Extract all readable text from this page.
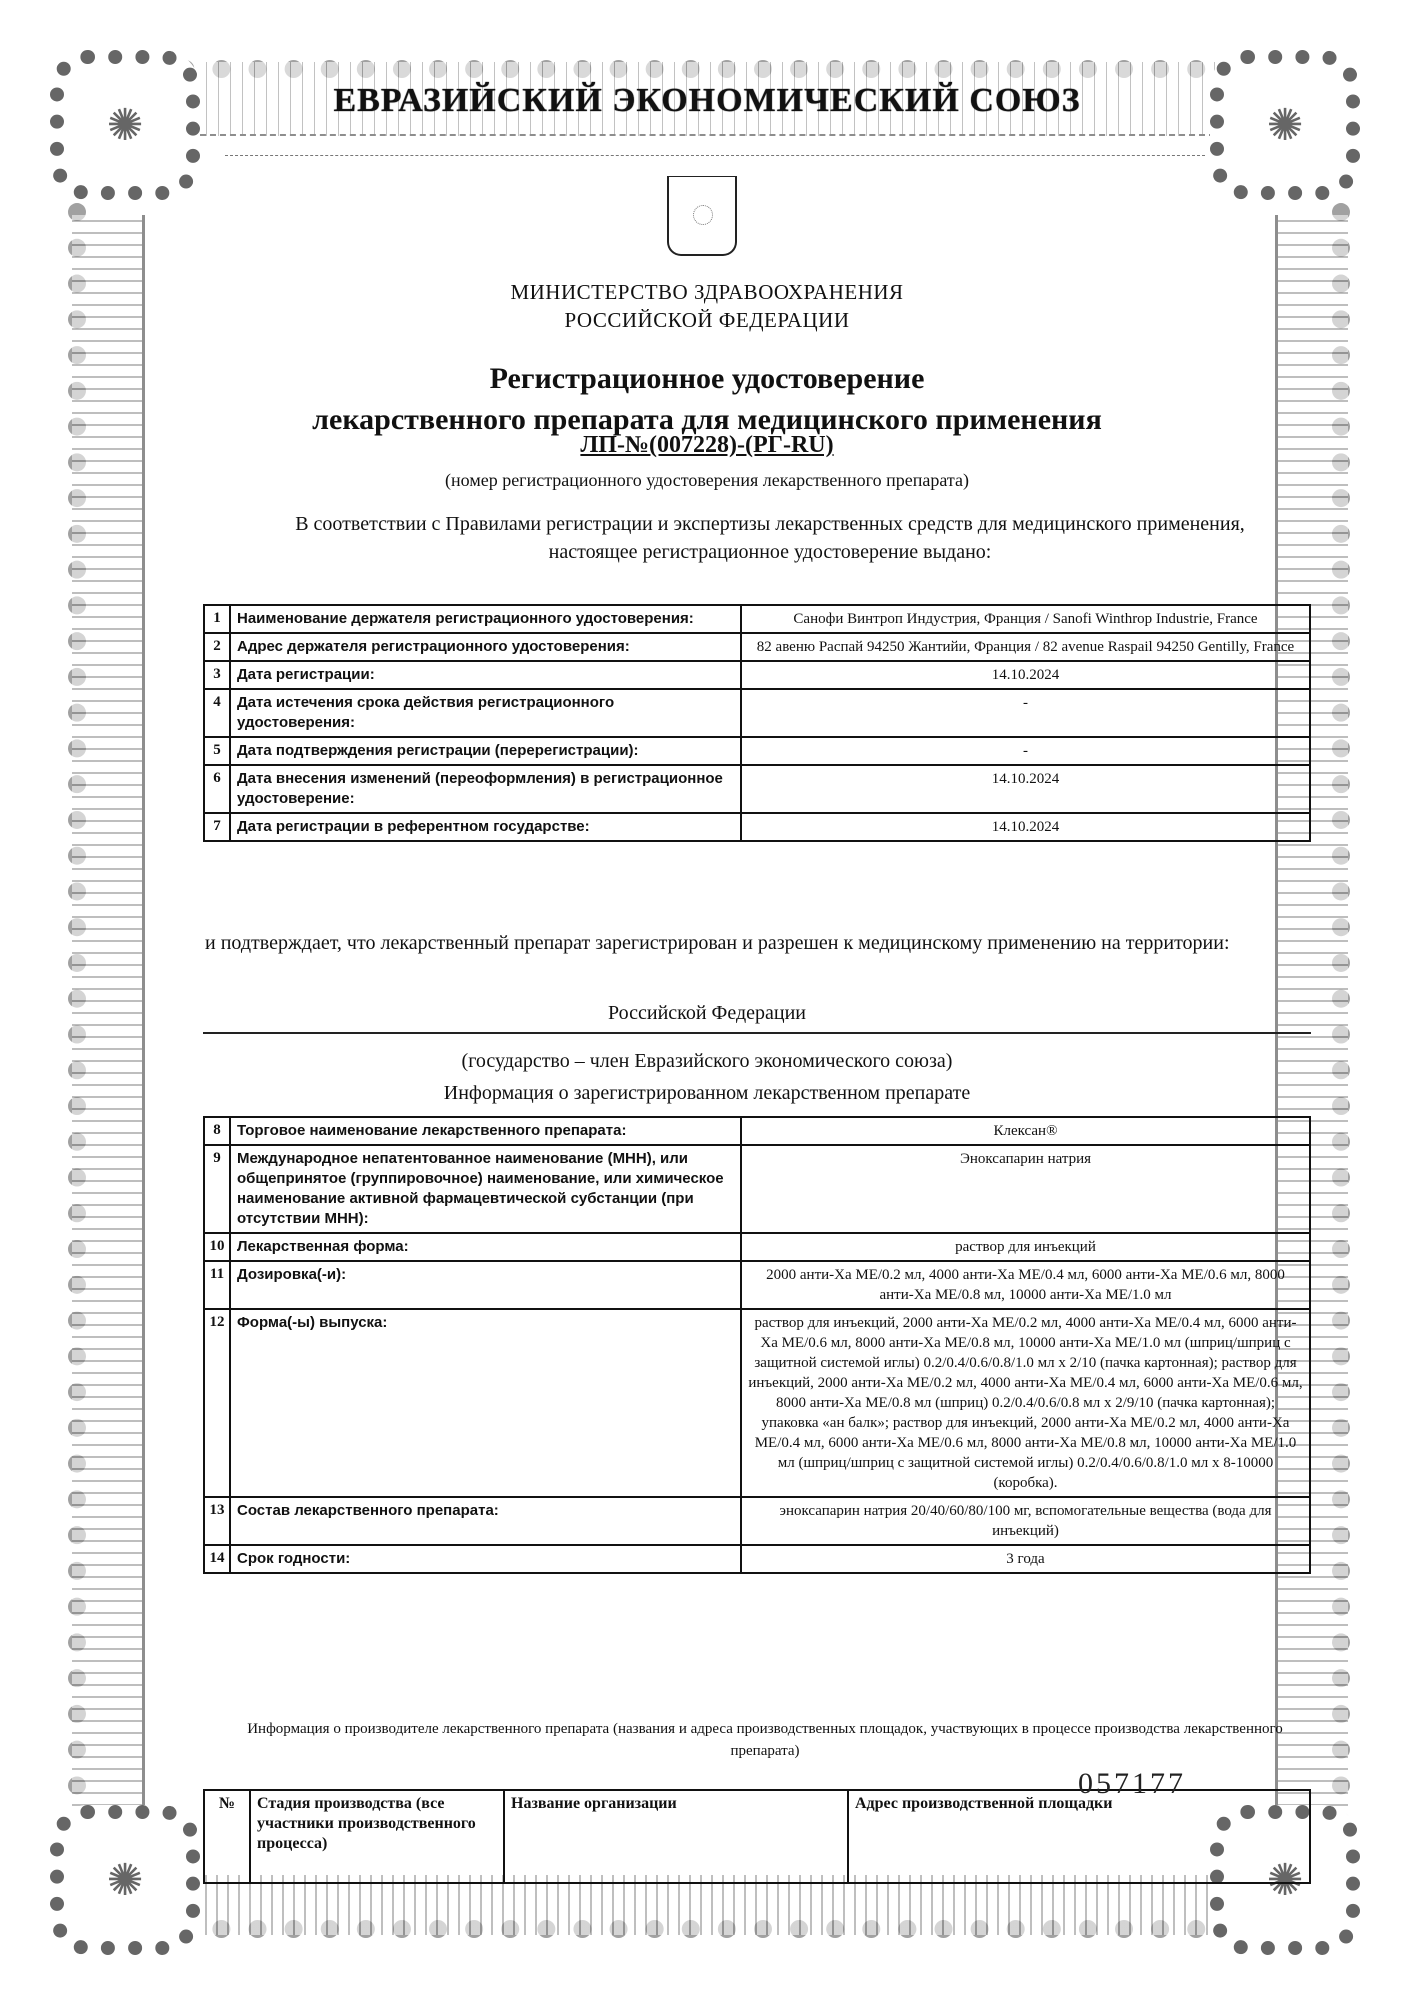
✺	✺
✺	✺
ЕВРАЗИЙСКИЙ ЭКОНОМИЧЕСКИЙ СОЮЗ
МИНИСТЕРСТВО ЗДРАВООХРАНЕНИЯ
РОССИЙСКОЙ ФЕДЕРАЦИИ
Регистрационное удостоверение
лекарственного препарата для медицинского применения
ЛП-№(007228)-(РГ-RU)
(номер регистрационного удостоверения лекарственного препарата)
В соответствии с Правилами регистрации и экспертизы лекарственных средств для медицинского применения, настоящее регистрационное удостоверение выдано:
1	Наименование держателя регистрационного удостоверения:	Санофи Винтроп Индустрия, Франция / Sanofi Winthrop Industrie, France
2	Адрес держателя регистрационного удостоверения:	82 авеню Распай 94250 Жантийи, Франция / 82 avenue Raspail 94250 Gentilly, France
3	Дата регистрации:	14.10.2024
4	Дата истечения срока действия регистрационного удостоверения:	-
5	Дата подтверждения регистрации (перерегистрации):	-
6	Дата внесения изменений (переоформления) в регистрационное удостоверение:	14.10.2024
7	Дата регистрации в референтном государстве:	14.10.2024
и подтверждает, что лекарственный препарат зарегистрирован и разрешен к медицинскому применению на территории:
Российской Федерации
(государство – член Евразийского экономического союза)
Информация о зарегистрированном лекарственном препарате
8	Торговое наименование лекарственного препарата:	Клексан®
9	Международное непатентованное наименование (МНН), или общепринятое (группировочное) наименование, или химическое наименование активной фармацевтической субстанции (при отсутствии МНН):	Эноксапарин натрия
10	Лекарственная форма:	раствор для инъекций
11	Дозировка(-и):	2000 анти-Ха МЕ/0.2 мл, 4000 анти-Ха МЕ/0.4 мл, 6000 анти-Ха МЕ/0.6 мл, 8000 анти-Ха МЕ/0.8 мл, 10000 анти-Ха МЕ/1.0 мл
12	Форма(-ы) выпуска:	раствор для инъекций, 2000 анти-Ха МЕ/0.2 мл, 4000 анти-Ха МЕ/0.4 мл, 6000 анти-Ха МЕ/0.6 мл, 8000 анти-Ха МЕ/0.8 мл, 10000 анти-Ха МЕ/1.0 мл (шприц/шприц с защитной системой иглы) 0.2/0.4/0.6/0.8/1.0 мл х 2/10 (пачка картонная); раствор для инъекций, 2000 анти-Ха МЕ/0.2 мл, 4000 анти-Ха МЕ/0.4 мл, 6000 анти-Ха МЕ/0.6 мл, 8000 анти-Ха МЕ/0.8 мл (шприц) 0.2/0.4/0.6/0.8 мл х 2/9/10 (пачка картонная); упаковка «ан балк»; раствор для инъекций, 2000 анти-Ха МЕ/0.2 мл, 4000 анти-Ха МЕ/0.4 мл, 6000 анти-Ха МЕ/0.6 мл, 8000 анти-Ха МЕ/0.8 мл, 10000 анти-Ха МЕ/1.0 мл (шприц/шприц с защитной системой иглы) 0.2/0.4/0.6/0.8/1.0 мл х 8-10000 (коробка).
13	Состав лекарственного препарата:	эноксапарин натрия 20/40/60/80/100 мг, вспомогательные вещества (вода для инъекций)
14	Срок годности:	3 года
Информация о производителе лекарственного препарата (названия и адреса производственных площадок, участвующих в процессе производства лекарственного препарата)
№	Стадия производства (все участники производственного процесса)	Название организации	Адрес производственной площадки
057177
